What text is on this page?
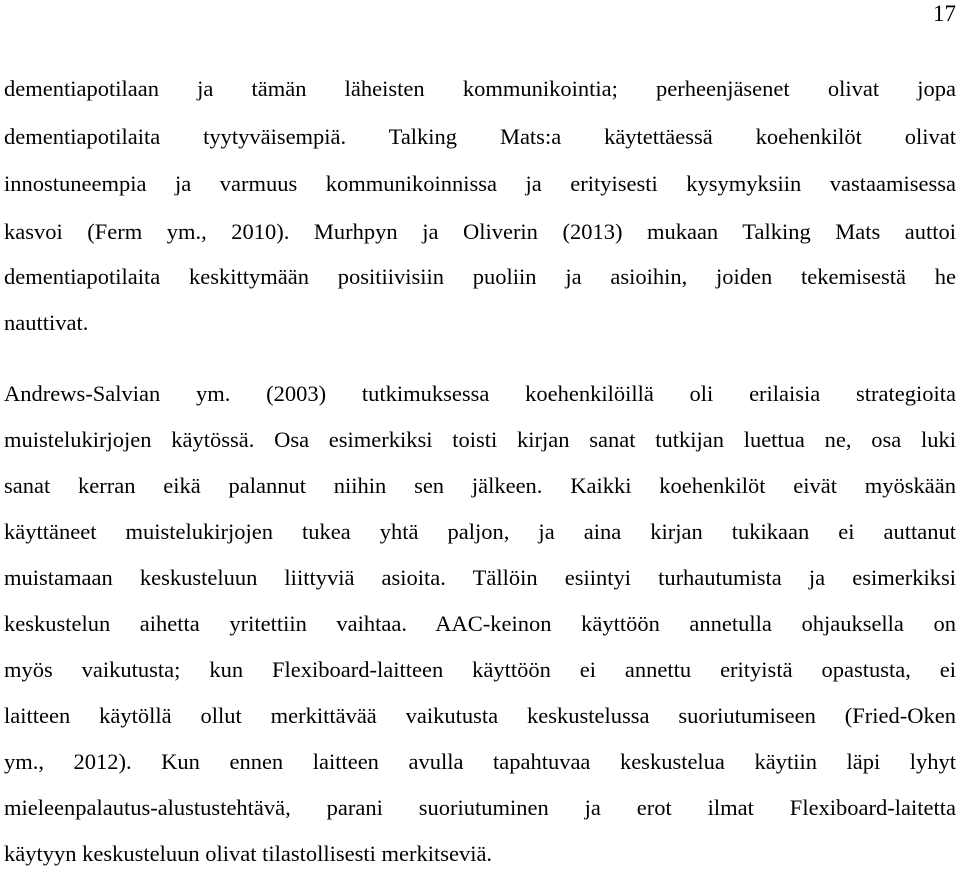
17
dementiapotilaan ja tämän läheisten kommunikointia; perheenjäsenet olivat jopa
dementiapotilaita tyytyväisempiä. Talking Mats:a käytettäessä koehenkilöt olivat
innostuneempia ja varmuus kommunikoinnissa ja erityisesti kysymyksiin vastaamisessa
kasvoi (Ferm ym., 2010). Murhpyn ja Oliverin (2013) mukaan Talking Mats auttoi
dementiapotilaita keskittymään positiivisiin puoliin ja asioihin, joiden tekemisestä he
nauttivat.
Andrews-Salvian ym. (2003) tutkimuksessa koehenkilöillä oli erilaisia strategioita
muistelukirjojen käytössä. Osa esimerkiksi toisti kirjan sanat tutkijan luettua ne, osa luki
sanat kerran eikä palannut niihin sen jälkeen. Kaikki koehenkilöt eivät myöskään
käyttäneet muistelukirjojen tukea yhtä paljon, ja aina kirjan tukikaan ei auttanut
muistamaan keskusteluun liittyviä asioita. Tällöin esiintyi turhautumista ja esimerkiksi
keskustelun aihetta yritettiin vaihtaa. AAC-keinon käyttöön annetulla ohjauksella on
myös vaikutusta; kun Flexiboard-laitteen käyttöön ei annettu erityistä opastusta, ei
laitteen käytöllä ollut merkittävää vaikutusta keskustelussa suoriutumiseen (Fried-Oken
ym., 2012). Kun ennen laitteen avulla tapahtuvaa keskustelua käytiin läpi lyhyt
mieleenpalautus-alustustehtävä, parani suoriutuminen ja erot ilmat Flexiboard-laitetta
käytyyn keskusteluun olivat tilastollisesti merkitseviä.
